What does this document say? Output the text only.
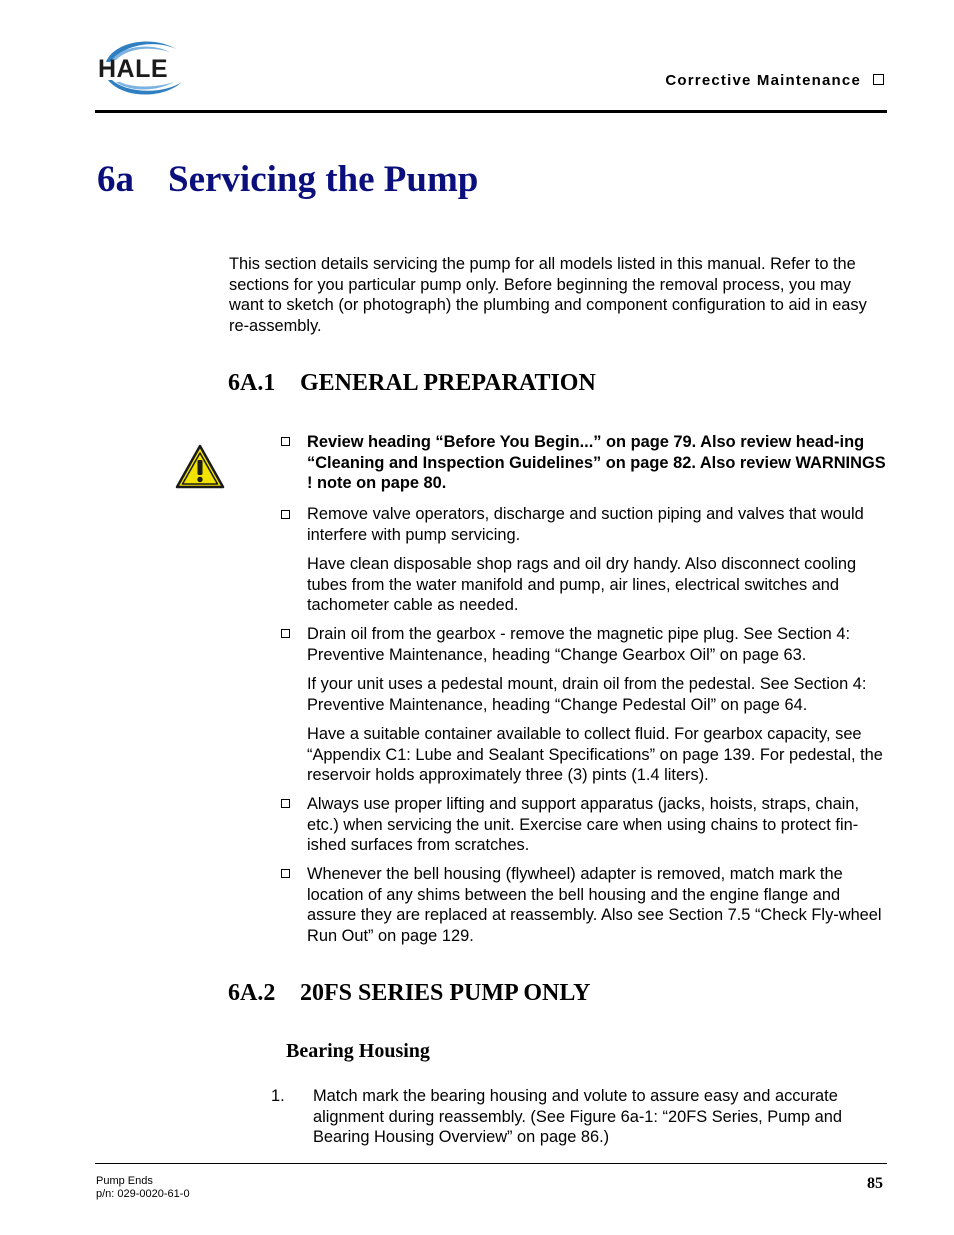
HALE	Corrective Maintenance
6a Servicing the Pump
This section details servicing the pump for all models listed in this manual. Refer to the sections for you particular pump only. Before beginning the removal process, you may want to sketch (or photograph) the plumbing and component configuration to aid in easy re-assembly.
6A.1 GENERAL PREPARATION
Review heading “Before You Begin...” on page 79. Also review head-ing “Cleaning and Inspection Guidelines” on page 82. Also review WARNINGS ! note on pape 80.
Remove valve operators, discharge and suction piping and valves that would interfere with pump servicing.
Have clean disposable shop rags and oil dry handy. Also disconnect cooling tubes from the water manifold and pump, air lines, electrical switches and tachometer cable as needed.
Drain oil from the gearbox - remove the magnetic pipe plug. See Section 4: Preventive Maintenance, heading “Change Gearbox Oil” on page 63.
If your unit uses a pedestal mount, drain oil from the pedestal. See Section 4: Preventive Maintenance, heading “Change Pedestal Oil” on page 64.
Have a suitable container available to collect fluid. For gearbox capacity, see “Appendix C1: Lube and Sealant Specifications” on page 139. For pedestal, the reservoir holds approximately three (3) pints (1.4 liters).
Always use proper lifting and support apparatus (jacks, hoists, straps, chain, etc.) when servicing the unit. Exercise care when using chains to protect fin-ished surfaces from scratches.
Whenever the bell housing (flywheel) adapter is removed, match mark the location of any shims between the bell housing and the engine flange and assure they are replaced at reassembly. Also see Section 7.5 “Check Fly-wheel Run Out” on page 129.
6A.2 20FS SERIES PUMP ONLY
Bearing Housing
1. Match mark the bearing housing and volute to assure easy and accurate alignment during reassembly. (See Figure 6a-1: “20FS Series, Pump and Bearing Housing Overview” on page 86.)
Pump Ends
p/n: 029-0020-61-0
85
